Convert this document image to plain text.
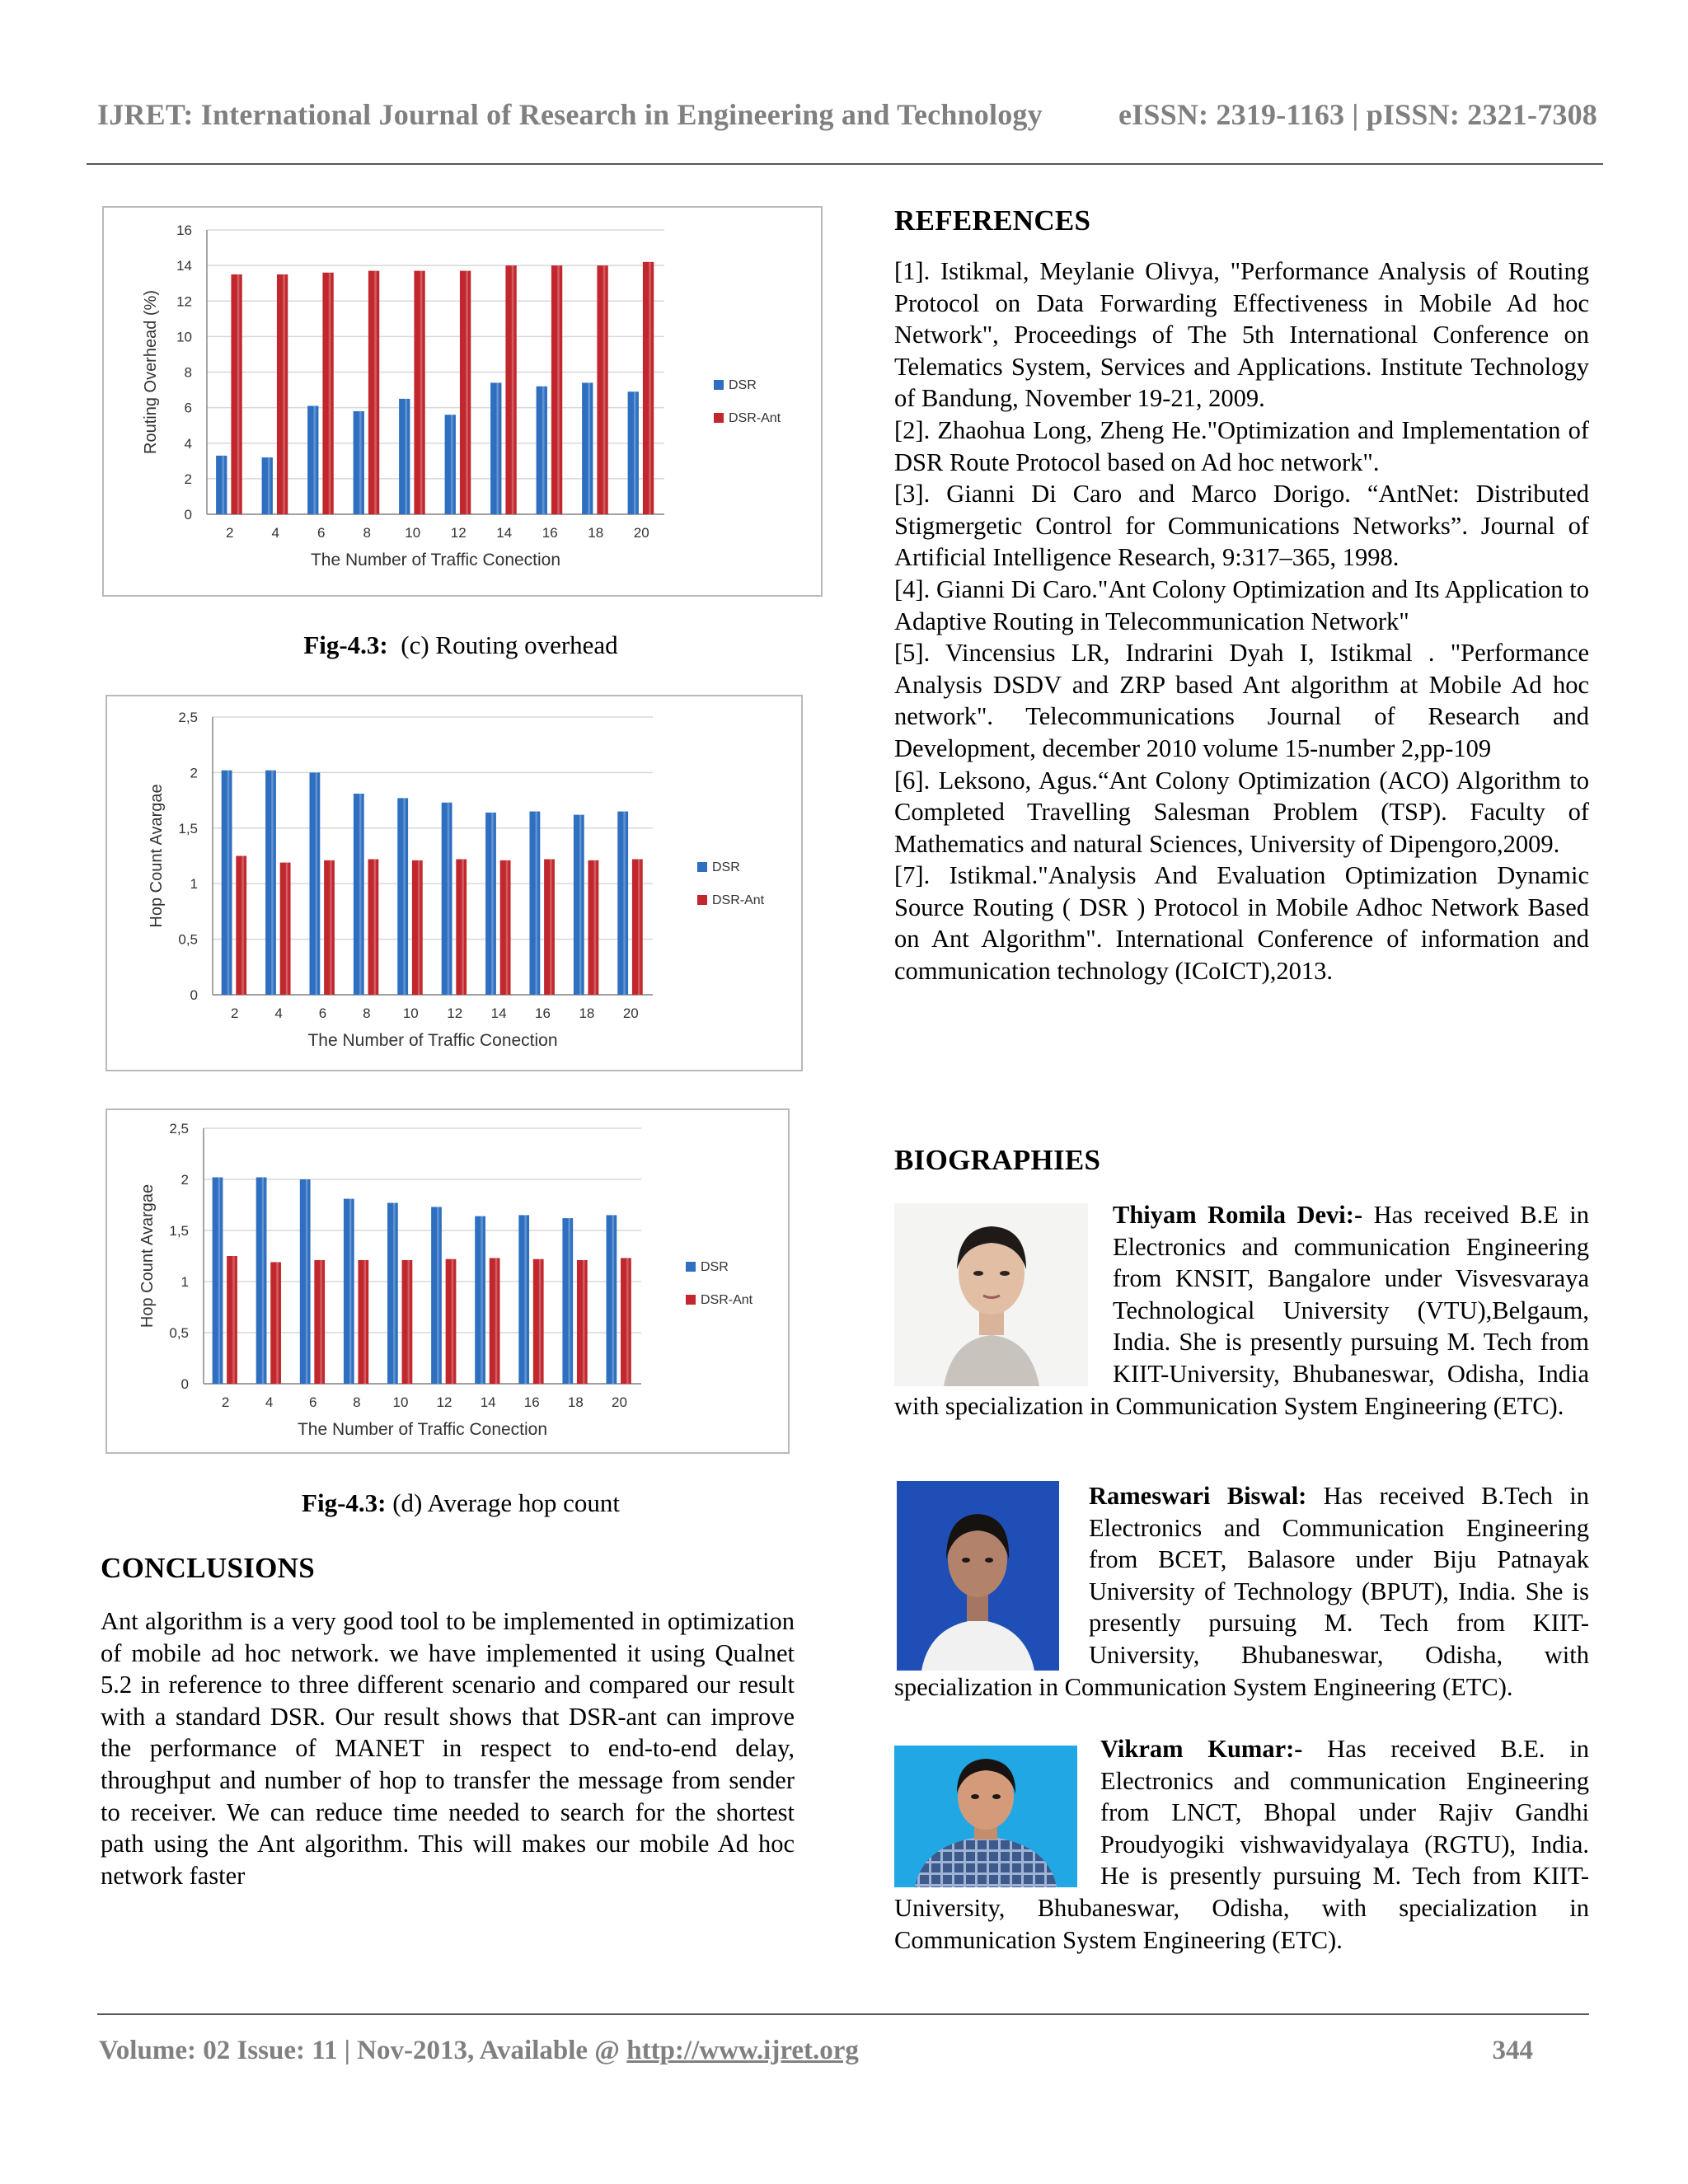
IJRET: International Journal of Research in Engineering and Technology	eISSN: 2319-1163 | pISSN: 2321-7308
0
2
4
6
8
10
12
14
16
2	4	6	8 10 12 14 16 18 20
The Number of Traffic Conection
Routing Overhead (%)	DSR
DSR-Ant
Fig-4.3: (c) Routing overhead
0
0,5
1
1,5
2
2,5
2	4	6	8 10 12 14 16 18 20
The Number of Traffic Conection
Hop Count Avargae	DSR
DSR-Ant
0
0,5
1
1,5
2
2,5
2	4	6	8 10 12 14 16 18 20
The Number of Traffic Conection
Hop Count Avargae	DSR
DSR-Ant
Fig-4.3: (d) Average hop count
CONCLUSIONS
Ant algorithm is a very good tool to be implemented in optimization of mobile ad hoc network. we have implemented it using Qualnet 5.2 in reference to three different scenario and compared our result with a standard DSR. Our result shows that DSR-ant can improve the performance of MANET in respect to end-to-end delay, throughput and number of hop to transfer the message from sender to receiver. We can reduce time needed to search for the shortest path using the Ant algorithm. This will makes our mobile Ad hoc network faster
REFERENCES

[1]. Istikmal, Meylanie Olivya, "Performance Analysis of Routing Protocol on Data Forwarding Effectiveness in Mobile Ad hoc Network", Proceedings of The 5th International Conference on Telematics System, Services and Applications. Institute Technology of Bandung, November 19-21, 2009.

[2]. Zhaohua Long, Zheng He."Optimization and Implementation of DSR Route Protocol based on Ad hoc network".

[3]. Gianni Di Caro and Marco Dorigo. “AntNet: Distributed Stigmergetic Control for Communications Networks”. Journal of Artificial Intelligence Research, 9:317–365, 1998.

[4]. Gianni Di Caro."Ant Colony Optimization and Its Application to Adaptive Routing in Telecommunication Network"

[5]. Vincensius LR, Indrarini Dyah I, Istikmal . "Performance Analysis DSDV and ZRP based Ant algorithm at Mobile Ad hoc network". Telecommunications Journal of Research and Development, december 2010 volume 15-number 2,pp-109

[6]. Leksono, Agus.“Ant Colony Optimization (ACO) Algorithm to Completed Travelling Salesman Problem (TSP). Faculty of Mathematics and natural Sciences, University of Dipengoro,2009.

[7]. Istikmal."Analysis And Evaluation Optimization Dynamic Source Routing ( DSR ) Protocol in Mobile Adhoc Network Based on Ant Algorithm". International Conference of information and communication technology (ICoICT),2013.

BIOGRAPHIES
Thiyam Romila Devi:- Has received B.E in Electronics and communication Engineering from KNSIT, Bangalore under Visvesvaraya Technological University (VTU),Belgaum, India. She is presently pursuing M. Tech from KIIT-University, Bhubaneswar, Odisha, India with specialization in Communication System Engineering (ETC).
Rameswari Biswal: Has received B.Tech in Electronics and Communication Engineering from BCET, Balasore under Biju Patnayak University of Technology (BPUT), India. She is presently pursuing M. Tech from KIIT-University, Bhubaneswar, Odisha, with specialization in Communication System Engineering (ETC).
Vikram Kumar:- Has received B.E. in Electronics and communication Engineering from LNCT, Bhopal under Rajiv Gandhi Proudyogiki vishwavidyalaya (RGTU), India. He is presently pursuing M. Tech from KIIT-University, Bhubaneswar, Odisha, with specialization in Communication System Engineering (ETC).
Volume: 02 Issue: 11 | Nov-2013, Available @ http://www.ijret.org	344
